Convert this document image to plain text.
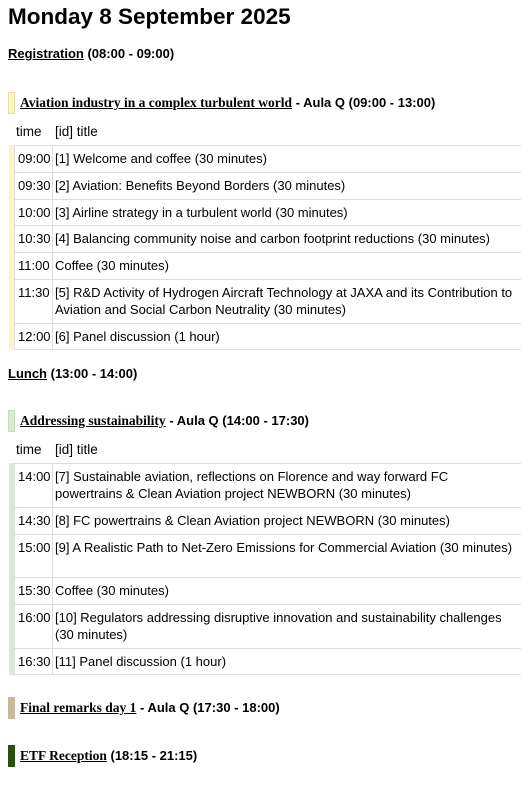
Monday 8 September 2025
Registration (08:00 - 09:00)
Aviation industry in a complex turbulent world - Aula Q (09:00 - 13:00)
time [id] title
09:00 [1] Welcome and coffee (30 minutes)
09:30 [2] Aviation: Benefits Beyond Borders (30 minutes)
10:00 [3] Airline strategy in a turbulent world (30 minutes)
10:30 [4] Balancing community noise and carbon footprint reductions (30 minutes)
11:00 Coffee (30 minutes)
11:30 [5] R&D Activity of Hydrogen Aircraft Technology at JAXA and its Contribution to Aviation and Social Carbon Neutrality (30 minutes)
12:00 [6] Panel discussion (1 hour)
Lunch (13:00 - 14:00)
Addressing sustainability - Aula Q (14:00 - 17:30)
time [id] title
14:00 [7] Sustainable aviation, reflections on Florence and way forward FC powertrains & Clean Aviation project NEWBORN (30 minutes)
14:30 [8] FC powertrains & Clean Aviation project NEWBORN (30 minutes)
15:00 [9] A Realistic Path to Net-Zero Emissions for Commercial Aviation (30 minutes)
15:30 Coffee (30 minutes)
16:00 [10] Regulators addressing disruptive innovation and sustainability challenges (30 minutes)
16:30 [11] Panel discussion (1 hour)
Final remarks day 1 - Aula Q (17:30 - 18:00)
ETF Reception (18:15 - 21:15)
